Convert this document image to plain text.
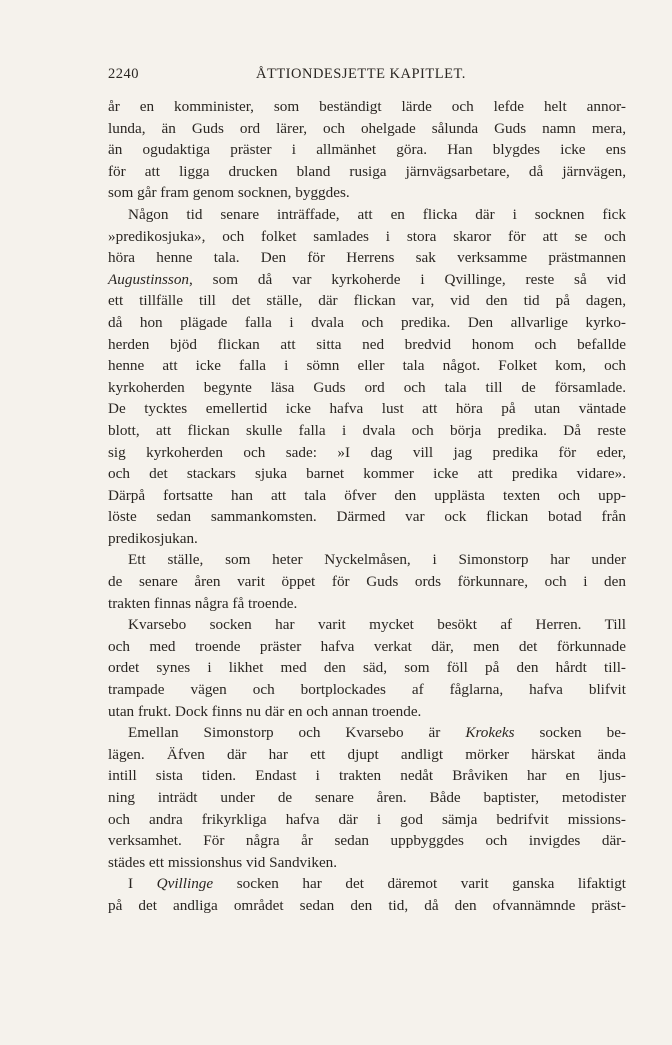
2240	ÅTTIONDESJETTE KAPITLET.

år en komminister, som beständigt lärde och lefde helt annor-
lunda, än Guds ord lärer, och ohelgade sålunda Guds namn mera,
än ogudaktiga präster i allmänhet göra. Han blygdes icke ens
för att ligga drucken bland rusiga järnvägsarbetare, då järnvägen,
som går fram genom socknen, byggdes.

Någon tid senare inträffade, att en flicka där i socknen fick
»predikosjuka», och folket samlades i stora skaror för att se och
höra henne tala. Den för Herrens sak verksamme prästmannen
Augustinsson, som då var kyrkoherde i Qvillinge, reste så vid
ett tillfälle till det ställe, där flickan var, vid den tid på dagen,
då hon plägade falla i dvala och predika. Den allvarlige kyrko-
herden bjöd flickan att sitta ned bredvid honom och befallde
henne att icke falla i sömn eller tala något. Folket kom, och
kyrkoherden begynte läsa Guds ord och tala till de församlade.
De tycktes emellertid icke hafva lust att höra på utan väntade
blott, att flickan skulle falla i dvala och börja predika. Då reste
sig kyrkoherden och sade: »I dag vill jag predika för eder,
och det stackars sjuka barnet kommer icke att predika vidare».
Därpå fortsatte han att tala öfver den upplästa texten och upp-
löste sedan sammankomsten. Därmed var ock flickan botad från
predikosjukan.

Ett ställe, som heter Nyckelmåsen, i Simonstorp har under
de senare åren varit öppet för Guds ords förkunnare, och i den
trakten finnas några få troende.

Kvarsebo socken har varit mycket besökt af Herren. Till
och med troende präster hafva verkat där, men det förkunnade
ordet synes i likhet med den säd, som föll på den hårdt till-
trampade vägen och bortplockades af fåglarna, hafva blifvit
utan frukt. Dock finns nu där en och annan troende.

Emellan Simonstorp och Kvarsebo är Krokeks socken be-
lägen. Äfven där har ett djupt andligt mörker härskat ända
intill sista tiden. Endast i trakten nedåt Bråviken har en ljus-
ning inträdt under de senare åren. Både baptister, metodister
och andra frikyrkliga hafva där i god sämja bedrifvit missions-
verksamhet. För några år sedan uppbyggdes och invigdes där-
städes ett missionshus vid Sandviken.

I Qvillinge socken har det däremot varit ganska lifaktigt
på det andliga området sedan den tid, då den ofvannämnde präst-
